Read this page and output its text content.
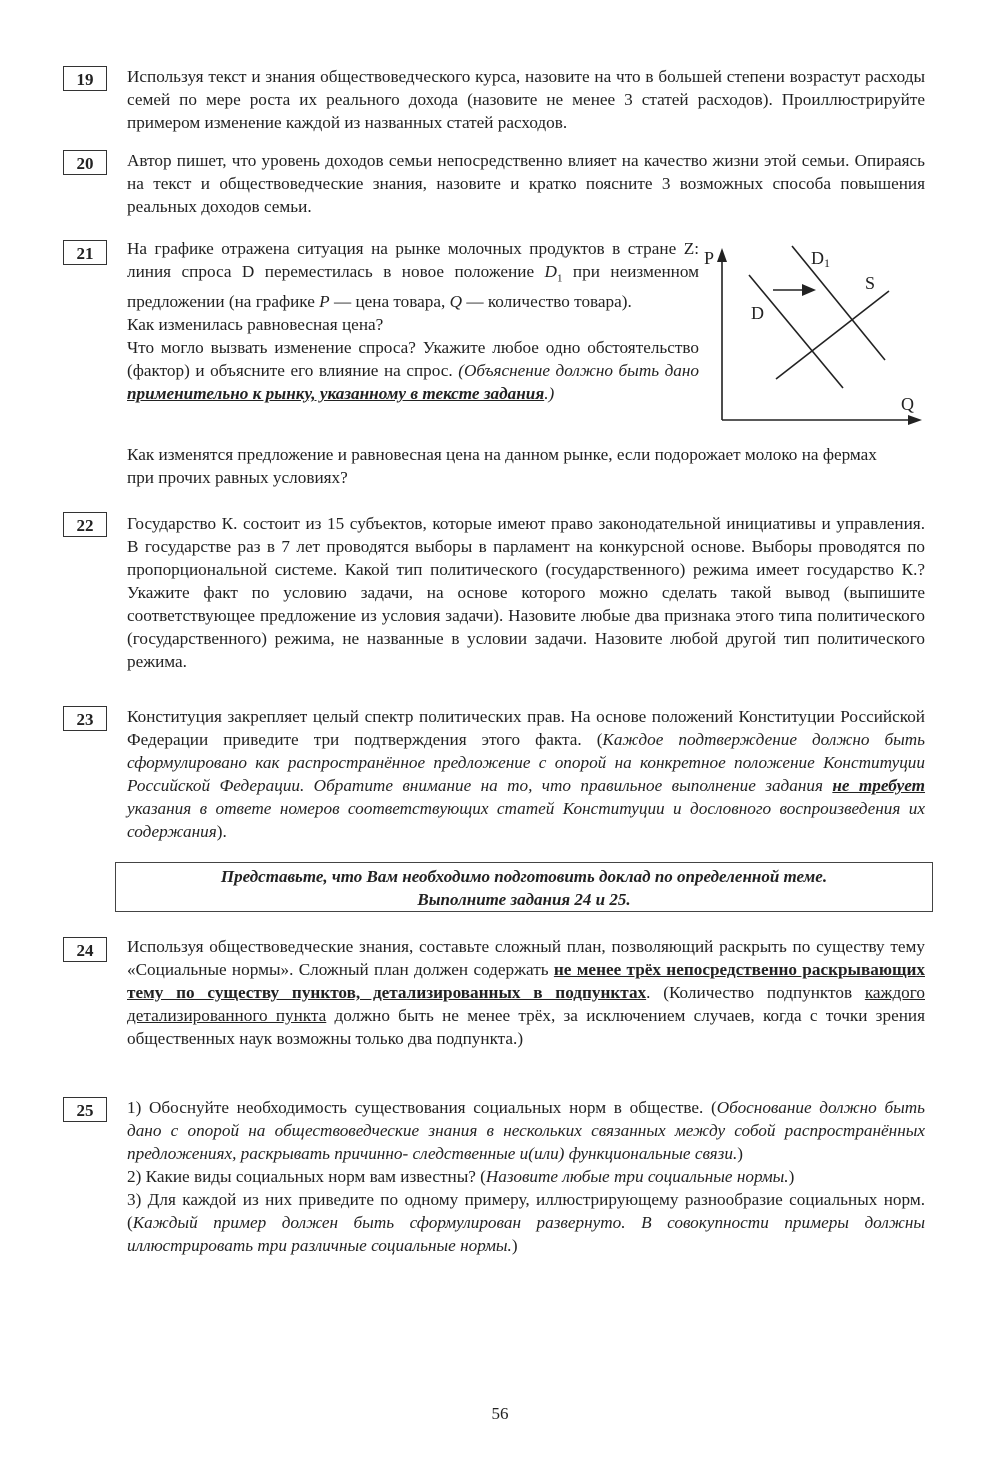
19	Используя текст и знания обществоведческого курса, назовите на что в большей степени возрастут расходы семей по мере роста их реального дохода (назовите не менее 3 статей расходов). Проиллюстрируйте примером изменение каждой из названных статей расходов.

20	Автор пишет, что уровень доходов семьи непосредственно влияет на качество жизни этой семьи. Опираясь на текст и обществоведческие знания, назовите и кратко поясните 3 возможных способа повышения реальных доходов семьи.

21	На графике отражена ситуация на рынке молочных продуктов в стране Z: линия спроса D переместилась в новое положение $D_1$ при неизменном предложении (на графике P — цена товара, Q — количество товара).

Как изменилась равновесная цена?

Что могло вызвать изменение спроса? Укажите любое одно обстоятельство (фактор) и объясните его влияние на спрос. (Объяснение должно быть дано применительно к рынку, указанному в тексте задания.)

Как изменятся предложение и равновесная цена на данном рынке, если подорожает молоко на фермах при прочих равных условиях?

P	D1
S
D
Q
22	Государство К. состоит из 15 субъектов, которые имеют право законодательной инициативы и управления. В государстве раз в 7 лет проводятся выборы в парламент на конкурсной основе. Выборы проводятся по пропорциональной системе. Какой тип политического (государственного) режима имеет государство К.? Укажите факт по условию задачи, на основе которого можно сделать такой вывод (выпишите соответствующее предложение из условия задачи). Назовите любые два признака этого типа политического (государственного) режима, не названные в условии задачи. Назовите любой другой тип политического режима.

23	Конституция закрепляет целый спектр политических прав. На основе положений Конституции Российской Федерации приведите три подтверждения этого факта. (Каждое подтверждение должно быть сформулировано как распространённое предложение с опорой на конкретное положение Конституции Российской Федерации. Обратите внимание на то, что правильное выполнение задания не требует указания в ответе номеров соответствующих статей Конституции и дословного воспроизведения их содержания).

Представьте, что Вам необходимо подготовить доклад по определенной теме.
Выполните задания 24 и 25.
24	Используя обществоведческие знания, составьте сложный план, позволяющий раскрыть по существу тему «Социальные нормы». Сложный план должен содержать не менее трёх непосредственно раскрывающих тему по существу пунктов, детализированных в подпунктах. (Количество подпунктов каждого детализированного пункта должно быть не менее трёх, за исключением случаев, когда с точки зрения общественных наук возможны только два подпункта.)

25	1) Обоснуйте необходимость существования социальных норм в обществе. (Обоснование должно быть дано с опорой на обществоведческие знания в нескольких связанных между собой распространённых предложениях, раскрывать причинно- следственные и(или) функциональные связи.)

2) Какие виды социальных норм вам известны? (Назовите любые три социальные нормы.)

3) Для каждой из них приведите по одному примеру, иллюстрирующему разнообразие социальных норм. (Каждый пример должен быть сформулирован развернуто. В совокупности примеры должны иллюстрировать три различные социальные нормы.)

56
